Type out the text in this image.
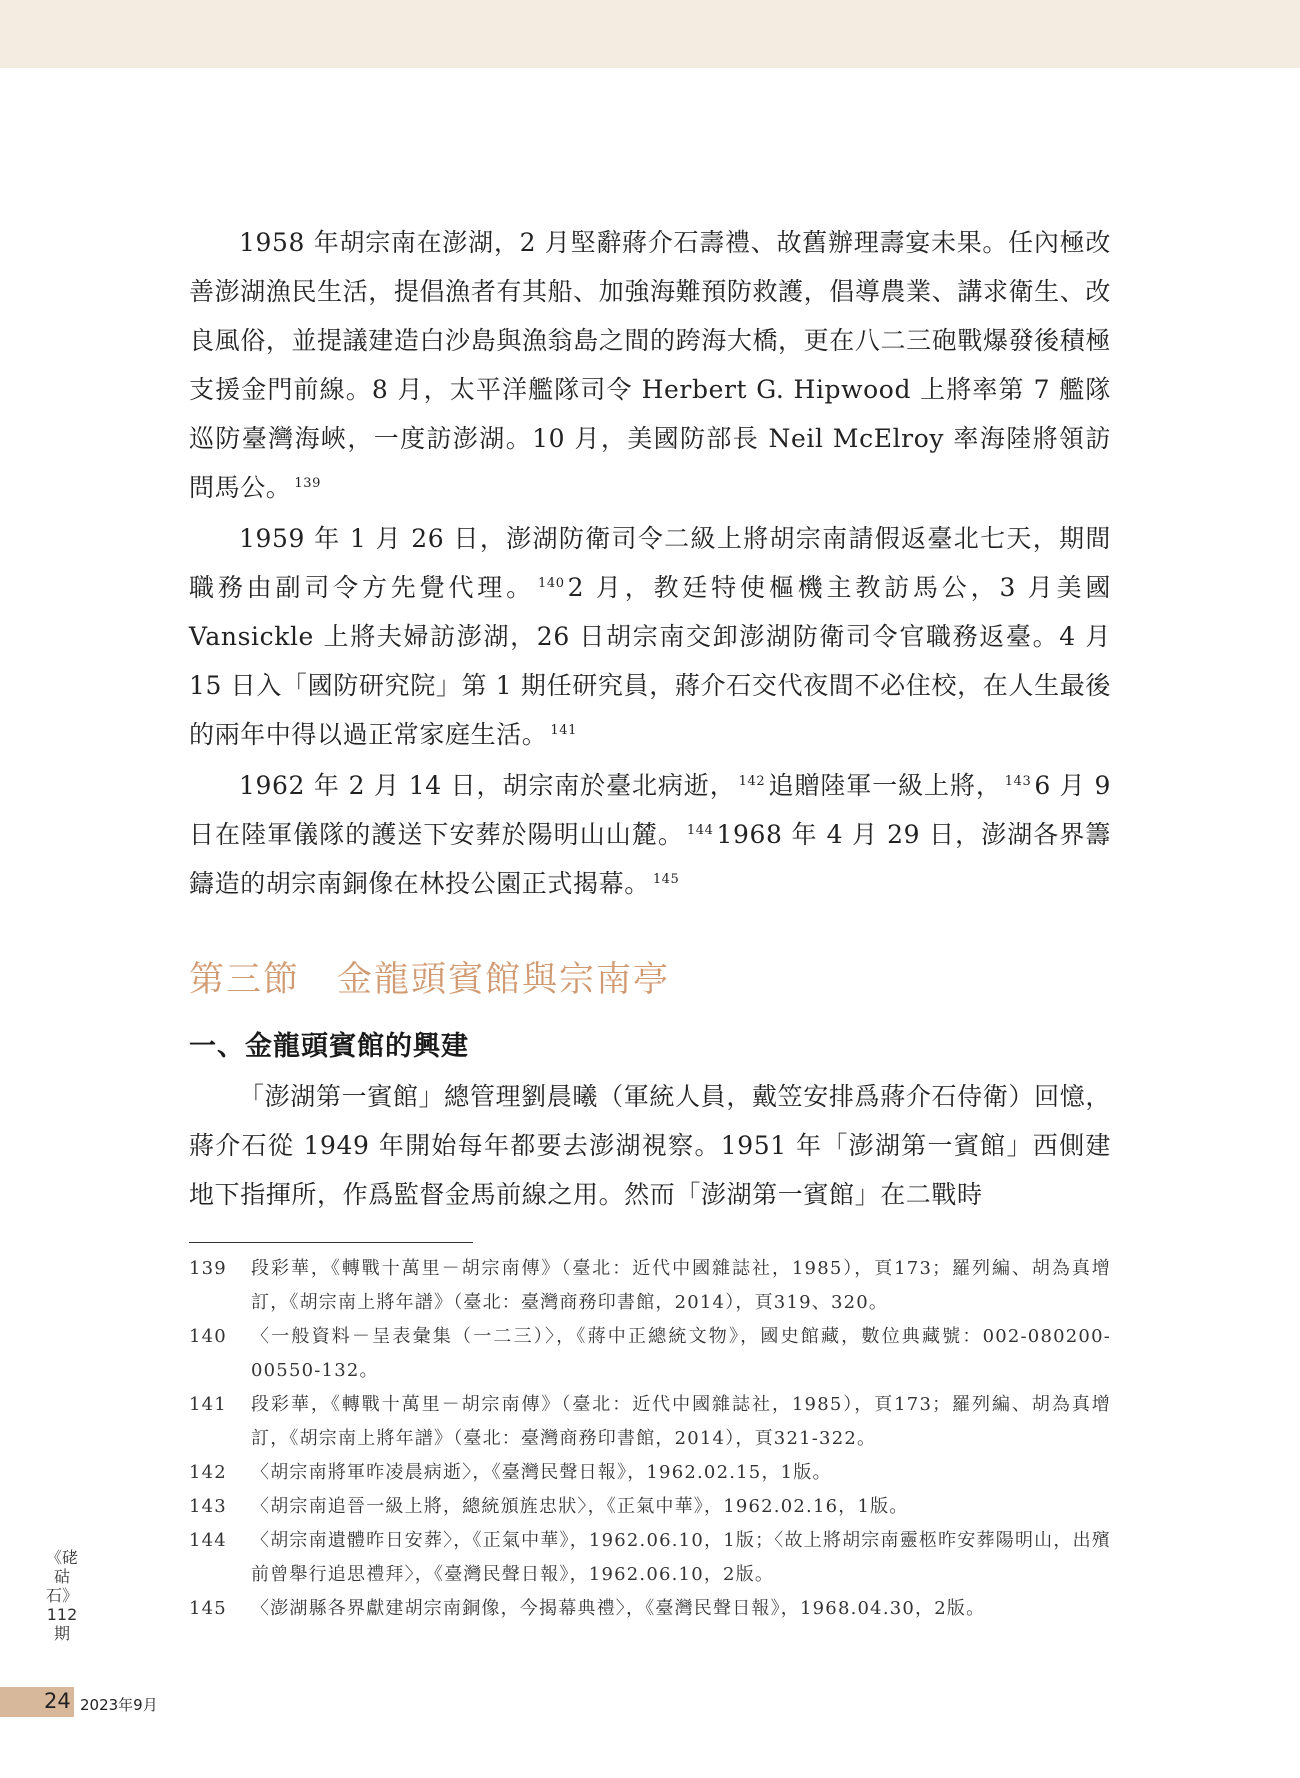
1958 年胡宗南在澎湖，2 月堅辭蔣介石壽禮、故舊辦理壽宴未果。任內極改善澎湖漁民生活，提倡漁者有其船、加強海難預防救護，倡導農業、講求衛生、改良風俗，並提議建造白沙島與漁翁島之間的跨海大橋，更在八二三砲戰爆發後積極支援金門前線。8 月，太平洋艦隊司令 Herbert G. Hipwood 上將率第 7 艦隊巡防臺灣海峽，一度訪澎湖。10 月，美國防部長 Neil McElroy 率海陸將領訪問馬公。 $^{139}$

1959 年 1 月 26 日，澎湖防衛司令二級上將胡宗南請假返臺北七天，期間職務由副司令方先覺代理。 $^{140}$ 2 月，教廷特使樞機主教訪馬公，3 月美國 Vansickle 上將夫婦訪澎湖，26 日胡宗南交卸澎湖防衛司令官職務返臺。4 月 15 日入「國防研究院」第 1 期任研究員，蔣介石交代夜間不必住校，在人生最後的兩年中得以過正常家庭生活。 $^{141}$

1962 年 2 月 14 日，胡宗南於臺北病逝， $^{142}$ 追贈陸軍一級上將， $^{143}$ 6 月 9 日在陸軍儀隊的護送下安葬於陽明山山麓。 $^{144}$ 1968 年 4 月 29 日，澎湖各界籌鑄造的胡宗南銅像在林投公園正式揭幕。 $^{145}$

第三節　金龍頭賓館與宗南亭
一、金龍頭賓館的興建

「澎湖第一賓館」總管理劉晨曦（軍統人員，戴笠安排爲蔣介石侍衛）回憶，蔣介石從 1949 年開始每年都要去澎湖視察。1951 年「澎湖第一賓館」西側建地下指揮所，作爲監督金馬前線之用。然而「澎湖第一賓館」在二戰時

139	段彩華，《轉戰十萬里－胡宗南傳》（臺北：近代中國雜誌社，1985），頁173；羅列編、胡為真增訂，《胡宗南上將年譜》（臺北：臺灣商務印書館，2014），頁319、320。
140	〈一般資料－呈表彙集（一二三）〉，《蔣中正總統文物》，國史館藏，數位典藏號：002-080200-00550-132。
141	段彩華，《轉戰十萬里－胡宗南傳》（臺北：近代中國雜誌社，1985），頁173；羅列編、胡為真增訂，《胡宗南上將年譜》（臺北：臺灣商務印書館，2014），頁321-322。
142	〈胡宗南將軍昨凌晨病逝〉，《臺灣民聲日報》，1962.02.15，1版。
143	〈胡宗南追晉一級上將，總統頒旌忠狀〉，《正氣中華》，1962.02.16，1版。
144	〈胡宗南遺體昨日安葬〉，《正氣中華》，1962.06.10，1版；〈故上將胡宗南靈柩昨安葬陽明山，出殯前曾舉行追思禮拜〉，《臺灣民聲日報》，1962.06.10，2版。
145	〈澎湖縣各界獻建胡宗南銅像，今揭幕典禮〉，《臺灣民聲日報》，1968.04.30，2版。
《硓𥑮石》112期
24 2023年9月
